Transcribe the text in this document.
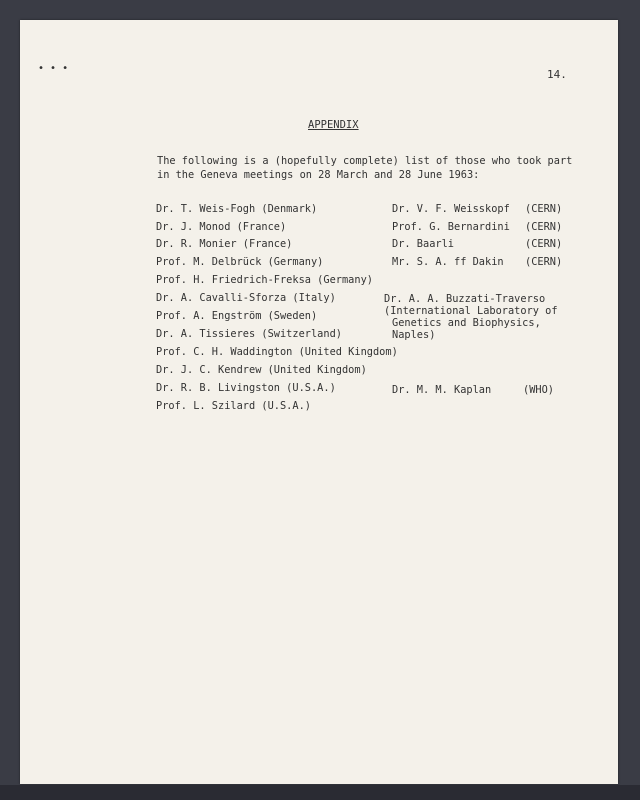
• • •	14.
APPENDIX
The following is a (hopefully complete) list of those who took part in the Geneva meetings on 28 March and 28 June 1963:
Dr. T. Weis-Fogh (Denmark)
Dr. J. Monod (France)
Dr. R. Monier (France)
Prof. M. Delbrück (Germany)
Prof. H. Friedrich-Freksa (Germany)
Dr. A. Cavalli-Sforza (Italy)
Prof. A. Engström (Sweden)
Dr. A. Tissieres (Switzerland)
Prof. C. H. Waddington (United Kingdom)
Dr. J. C. Kendrew (United Kingdom)
Dr. R. B. Livingston (U.S.A.)
Prof. L. Szilard (U.S.A.)
Dr. V. F. Weisskopf (CERN)
Prof. G. Bernardini (CERN)
Dr. Baarli	(CERN)
Mr. S. A. ff Dakin (CERN)
Dr. A. A. Buzzati-Traverso
(International Laboratory of
Genetics and Biophysics,
Naples)
Dr. M. M. Kaplan	(WHO)
